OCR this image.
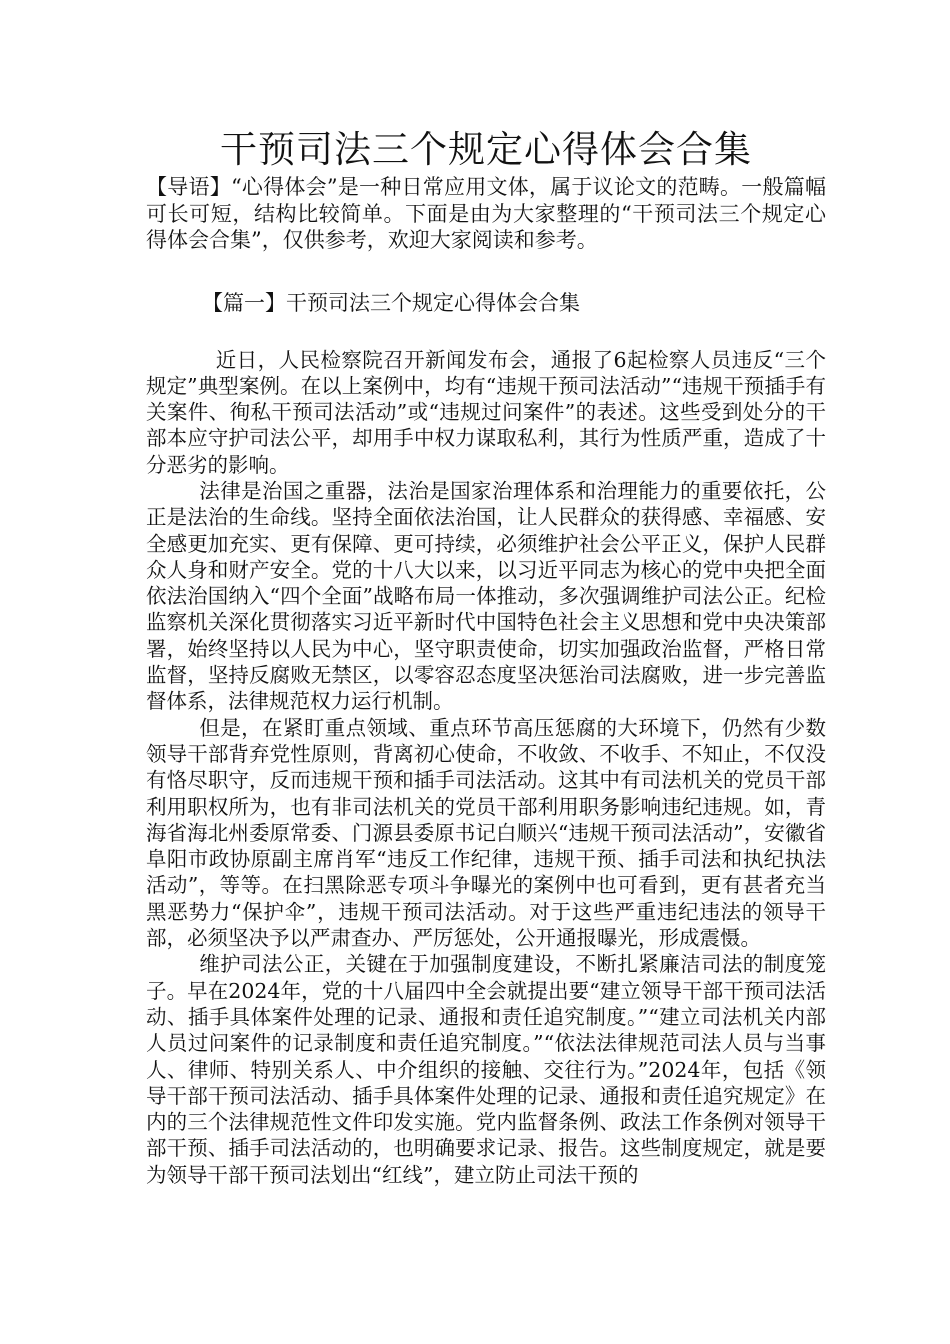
干预司法三个规定心得体会合集

【导语】“心得体会”是一种日常应用文体，属于议论文的范畴。一般篇幅可长可短，结构比较简单。下面是由为大家整理的“干预司法三个规定心得体会合集”，仅供参考，欢迎大家阅读和参考。

【篇一】干预司法三个规定心得体会合集

近日，人民检察院召开新闻发布会，通报了6起检察人员违反“三个规定”典型案例。在以上案例中，均有“违规干预司法活动”“违规干预插手有关案件、徇私干预司法活动”或“违规过问案件”的表述。这些受到处分的干部本应守护司法公平，却用手中权力谋取私利，其行为性质严重，造成了十分恶劣的影响。

法律是治国之重器，法治是国家治理体系和治理能力的重要依托，公正是法治的生命线。坚持全面依法治国，让人民群众的获得感、幸福感、安全感更加充实、更有保障、更可持续，必须维护社会公平正义，保护人民群众人身和财产安全。党的十八大以来，以习近平同志为核心的党中央把全面依法治国纳入“四个全面”战略布局一体推动，多次强调维护司法公正。纪检监察机关深化贯彻落实习近平新时代中国特色社会主义思想和党中央决策部署，始终坚持以人民为中心，坚守职责使命，切实加强政治监督，严格日常监督，坚持反腐败无禁区，以零容忍态度坚决惩治司法腐败，进一步完善监督体系，法律规范权力运行机制。

但是，在紧盯重点领域、重点环节高压惩腐的大环境下，仍然有少数领导干部背弃党性原则，背离初心使命，不收敛、不收手、不知止，不仅没有恪尽职守，反而违规干预和插手司法活动。这其中有司法机关的党员干部利用职权所为，也有非司法机关的党员干部利用职务影响违纪违规。如，青海省海北州委原常委、门源县委原书记白顺兴“违规干预司法活动”，安徽省阜阳市政协原副主席肖军“违反工作纪律，违规干预、插手司法和执纪执法活动”，等等。在扫黑除恶专项斗争曝光的案例中也可看到，更有甚者充当黑恶势力“保护伞”，违规干预司法活动。对于这些严重违纪违法的领导干部，必须坚决予以严肃查办、严厉惩处，公开通报曝光，形成震慑。

维护司法公正，关键在于加强制度建设，不断扎紧廉洁司法的制度笼子。早在2024年，党的十八届四中全会就提出要“建立领导干部干预司法活动、插手具体案件处理的记录、通报和责任追究制度。”“建立司法机关内部人员过问案件的记录制度和责任追究制度。”“依法法律规范司法人员与当事人、律师、特别关系人、中介组织的接触、交往行为。”2024年，包括《领导干部干预司法活动、插手具体案件处理的记录、通报和责任追究规定》在内的三个法律规范性文件印发实施。党内监督条例、政法工作条例对领导干部干预、插手司法活动的，也明确要求记录、报告。这些制度规定，就是要为领导干部干预司法划出“红线”，建立防止司法干预的
